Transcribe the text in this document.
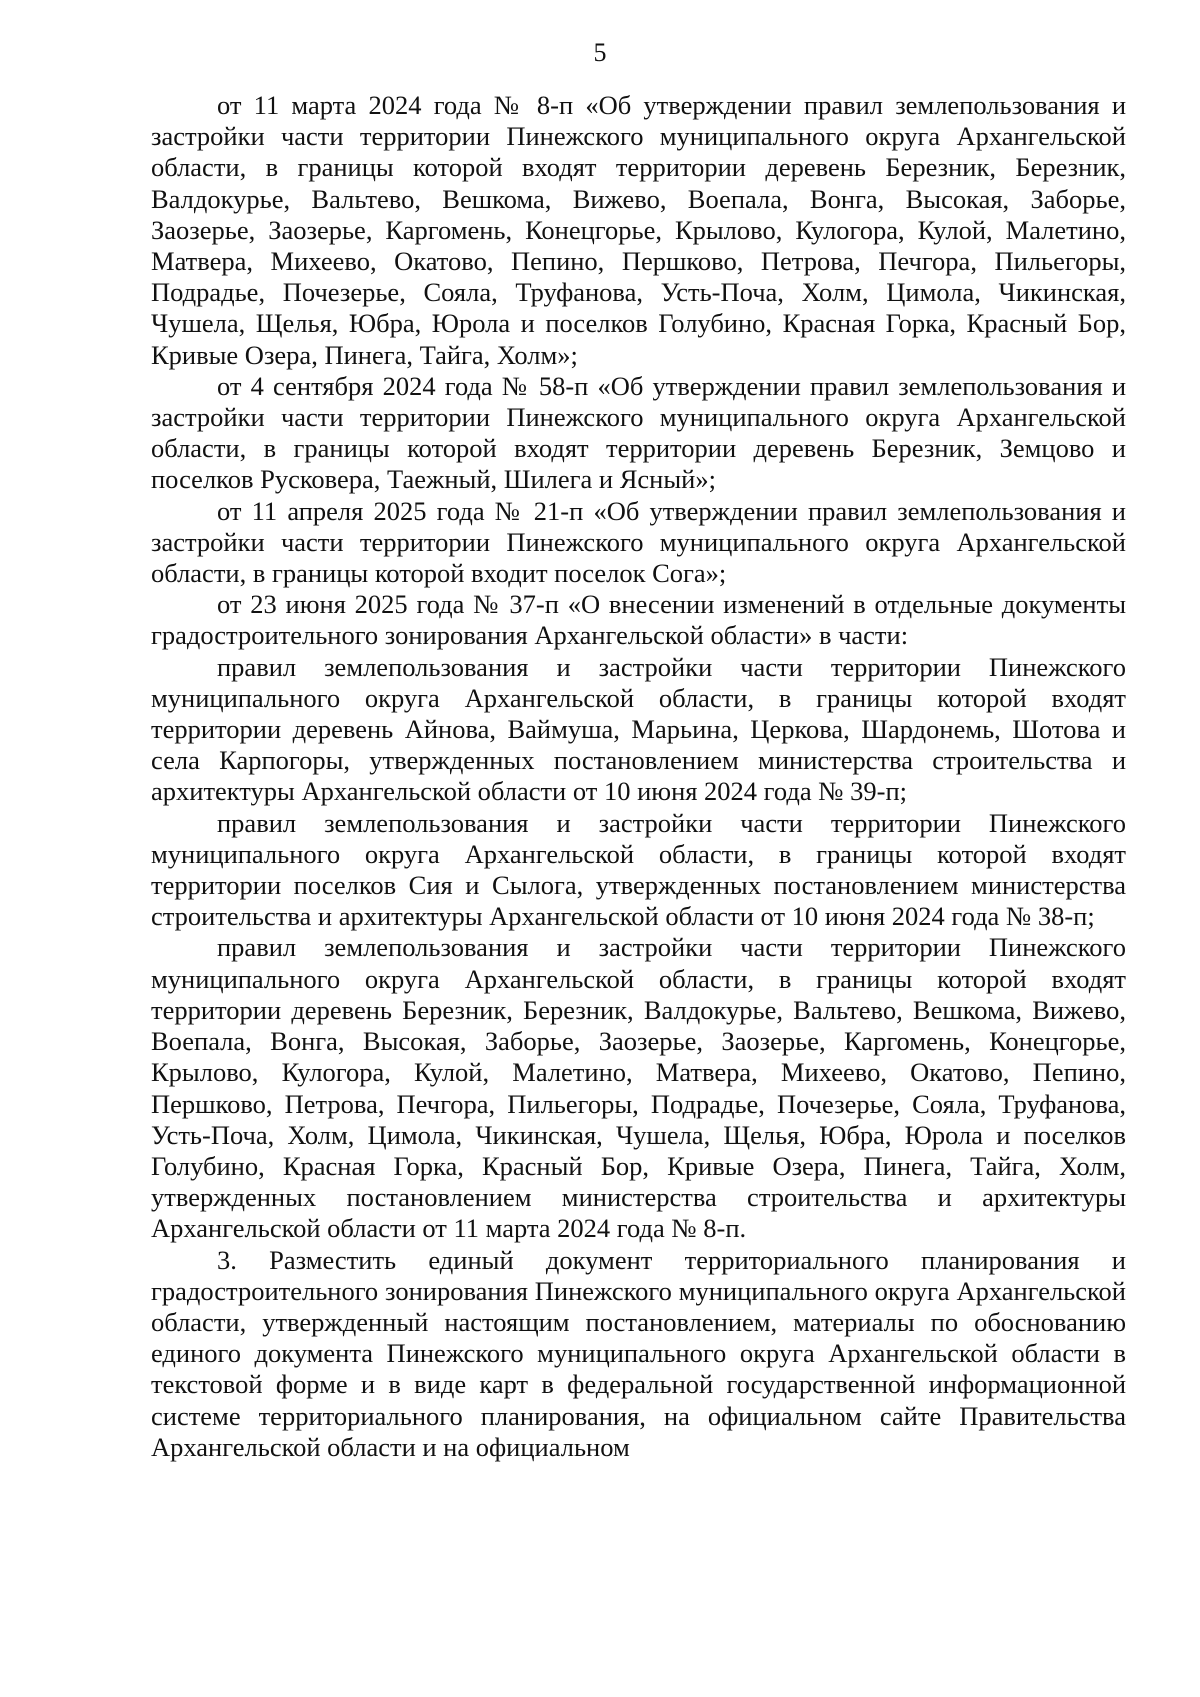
5

от 11 марта 2024 года № 8-п «Об утверждении правил землепользования и застройки части территории Пинежского муниципального округа Архангельской области, в границы которой входят территории деревень Березник, Березник, Валдокурье, Вальтево, Вешкома, Вижево, Воепала, Вонга, Высокая, Заборье, Заозерье, Заозерье, Каргомень, Конецгорье, Крылово, Кулогора, Кулой, Малетино, Матвера, Михеево, Окатово, Пепино, Першково, Петрова, Печгора, Пильегоры, Подрадье, Почезерье, Сояла, Труфанова, Усть-Поча, Холм, Цимола, Чикинская, Чушела, Щелья, Юбра, Юрола и поселков Голубино, Красная Горка, Красный Бор, Кривые Озера, Пинега, Тайга, Холм»;

от 4 сентября 2024 года № 58-п «Об утверждении правил землепользования и застройки части территории Пинежского муниципального округа Архангельской области, в границы которой входят территории деревень Березник, Земцово и поселков Русковера, Таежный, Шилега и Ясный»;

от 11 апреля 2025 года № 21-п «Об утверждении правил землепользования и застройки части территории Пинежского муниципального округа Архангельской области, в границы которой входит поселок Сога»;

от 23 июня 2025 года № 37-п «О внесении изменений в отдельные документы градостроительного зонирования Архангельской области» в части:

правил землепользования и застройки части территории Пинежского муниципального округа Архангельской области, в границы которой входят территории деревень Айнова, Ваймуша, Марьина, Церкова, Шардонемь, Шотова и села Карпогоры, утвержденных постановлением министерства строительства и архитектуры Архангельской области от 10 июня 2024 года № 39-п;

правил землепользования и застройки части территории Пинежского муниципального округа Архангельской области, в границы которой входят территории поселков Сия и Сылога, утвержденных постановлением министерства строительства и архитектуры Архангельской области от 10 июня 2024 года № 38-п;

правил землепользования и застройки части территории Пинежского муниципального округа Архангельской области, в границы которой входят территории деревень Березник, Березник, Валдокурье, Вальтево, Вешкома, Вижево, Воепала, Вонга, Высокая, Заборье, Заозерье, Заозерье, Каргомень, Конецгорье, Крылово, Кулогора, Кулой, Малетино, Матвера, Михеево, Окатово, Пепино, Першково, Петрова, Печгора, Пильегоры, Подрадье, Почезерье, Сояла, Труфанова, Усть-Поча, Холм, Цимола, Чикинская, Чушела, Щелья, Юбра, Юрола и поселков Голубино, Красная Горка, Красный Бор, Кривые Озера, Пинега, Тайга, Холм, утвержденных постановлением министерства строительства и архитектуры Архангельской области от 11 марта 2024 года № 8-п.

3. Разместить единый документ территориального планирования и градостроительного зонирования Пинежского муниципального округа Архангельской области, утвержденный настоящим постановлением, материалы по обоснованию единого документа Пинежского муниципального округа Архангельской области в текстовой форме и в виде карт в федеральной государственной информационной системе территориального планирования, на официальном сайте Правительства Архангельской области и на официальном
